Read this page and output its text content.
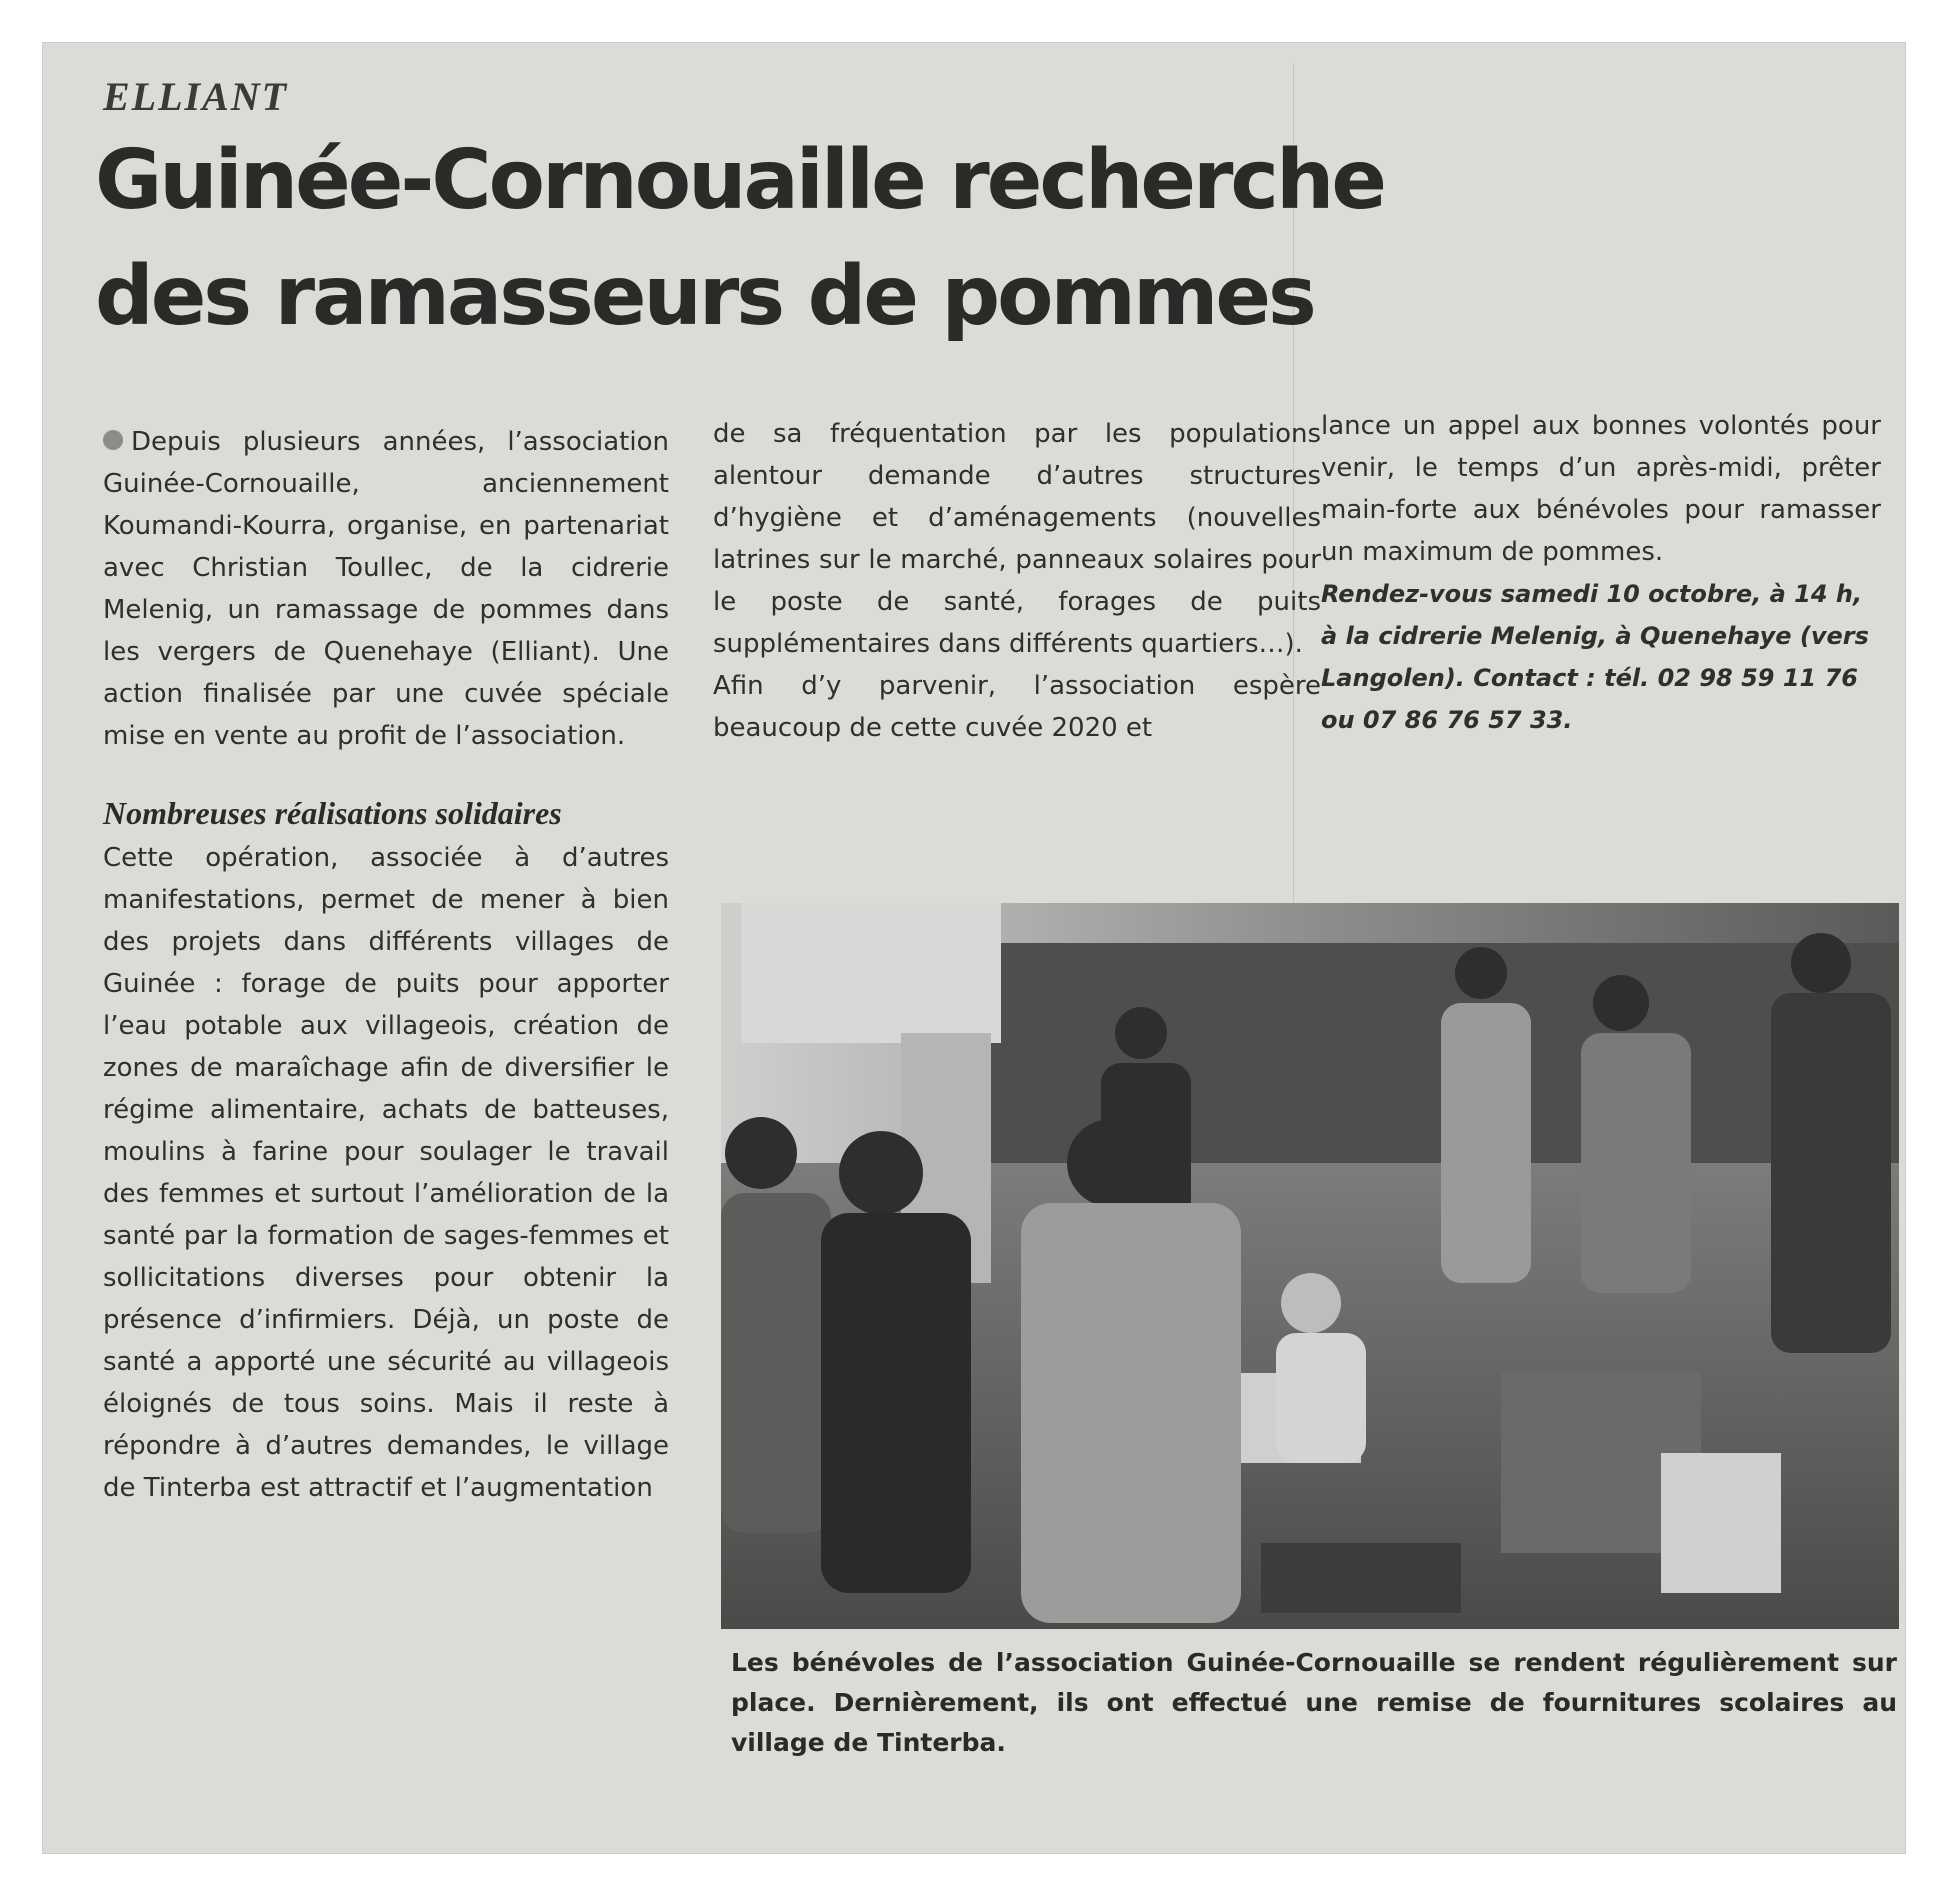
ELLIANT
Guinée-Cornouaille recherche des ramasseurs de pommes

Depuis plusieurs années, l’association Guinée-Cornouaille, anciennement Koumandi-Kourra, organise, en partenariat avec Christian Toullec, de la cidrerie Melenig, un ramassage de pommes dans les vergers de Quenehaye (Elliant). Une action finalisée par une cuvée spéciale mise en vente au profit de l’association.

Nombreuses réalisations solidaires

Cette opération, associée à d’autres manifestations, permet de mener à bien des projets dans différents villages de Guinée : forage de puits pour apporter l’eau potable aux villageois, création de zones de maraîchage afin de diversifier le régime alimentaire, achats de batteuses, moulins à farine pour soulager le travail des femmes et surtout l’amélioration de la santé par la formation de sages-femmes et sollicitations diverses pour obtenir la présence d’infirmiers. Déjà, un poste de santé a apporté une sécurité au villageois éloignés de tous soins. Mais il reste à répondre à d’autres demandes, le village de Tinterba est attractif et l’augmentation

de sa fréquentation par les populations alentour demande d’autres structures d’hygiène et d’aménagements (nouvelles latrines sur le marché, panneaux solaires pour le poste de santé, forages de puits supplémentaires dans différents quartiers…).

Afin d’y parvenir, l’association espère beaucoup de cette cuvée 2020 et

lance un appel aux bonnes volontés pour venir, le temps d’un après-midi, prêter main-forte aux bénévoles pour ramasser un maximum de pommes.

Rendez-vous samedi 10 octobre, à 14 h, à la cidrerie Melenig, à Quenehaye (vers Langolen). Contact : tél. 02 98 59 11 76 ou 07 86 76 57 33.

Les bénévoles de l’association Guinée-Cornouaille se rendent régulièrement sur place. Dernièrement, ils ont effectué une remise de fournitures scolaires au village de Tinterba.
